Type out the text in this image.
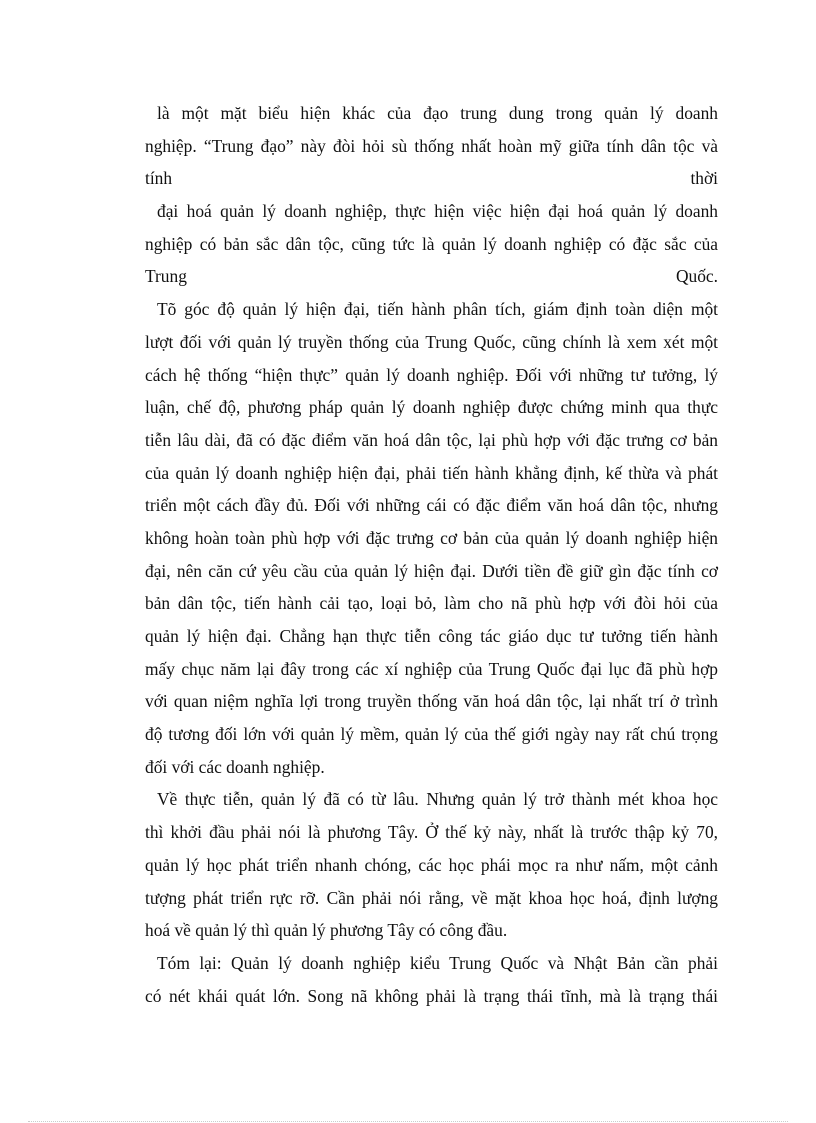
là một mặt biểu hiện khác của đạo trung dung trong quản lý doanh
nghiệp. “Trung đạo” này đòi hỏi sù thống nhất hoàn mỹ giữa tính dân tộc và
tính	thời
đại hoá quản lý doanh nghiệp, thực hiện việc hiện đại hoá quản lý doanh
nghiệp có bản sắc dân tộc, cũng tức là quản lý doanh nghiệp có đặc sắc của
Trung	Quốc.
Tõ góc độ quản lý hiện đại, tiến hành phân tích, giám định toàn diện một
lượt đối với quản lý truyền thống của Trung Quốc, cũng chính là xem xét một
cách hệ thống “hiện thực” quản lý doanh nghiệp. Đối với những tư tưởng, lý
luận, chế độ, phương pháp quản lý doanh nghiệp được chứng minh qua thực
tiễn lâu dài, đã có đặc điểm văn hoá dân tộc, lại phù hợp với đặc trưng cơ bản
của quản lý doanh nghiệp hiện đại, phải tiến hành khẳng định, kế thừa và phát
triển một cách đầy đủ. Đối với những cái có đặc điểm văn hoá dân tộc, nhưng
không hoàn toàn phù hợp với đặc trưng cơ bản của quản lý doanh nghiệp hiện
đại, nên căn cứ yêu cầu của quản lý hiện đại. Dưới tiền đề giữ gìn đặc tính cơ
bản dân tộc, tiến hành cải tạo, loại bỏ, làm cho nã phù hợp với đòi hỏi của
quản lý hiện đại. Chẳng hạn thực tiễn công tác giáo dục tư tưởng tiến hành
mấy chục năm lại đây trong các xí nghiệp của Trung Quốc đại lục đã phù hợp
với quan niệm nghĩa lợi trong truyền thống văn hoá dân tộc, lại nhất trí ở trình
độ tương đối lớn với quản lý mềm, quản lý của thế giới ngày nay rất chú trọng
đối với các doanh nghiệp.
Về thực tiễn, quản lý đã có từ lâu. Nhưng quản lý trở thành mét khoa học
thì khởi đầu phải nói là phương Tây. Ở thế kỷ này, nhất là trước thập kỷ 70,
quản lý học phát triển nhanh chóng, các học phái mọc ra như nấm, một cảnh
tượng phát triển rực rỡ. Cần phải nói rằng, về mặt khoa học hoá, định lượng
hoá về quản lý thì quản lý phương Tây có công đầu.
Tóm lại: Quản lý doanh nghiệp kiểu Trung Quốc và Nhật Bản cần phải
có nét khái quát lớn. Song nã không phải là trạng thái tĩnh, mà là trạng thái
